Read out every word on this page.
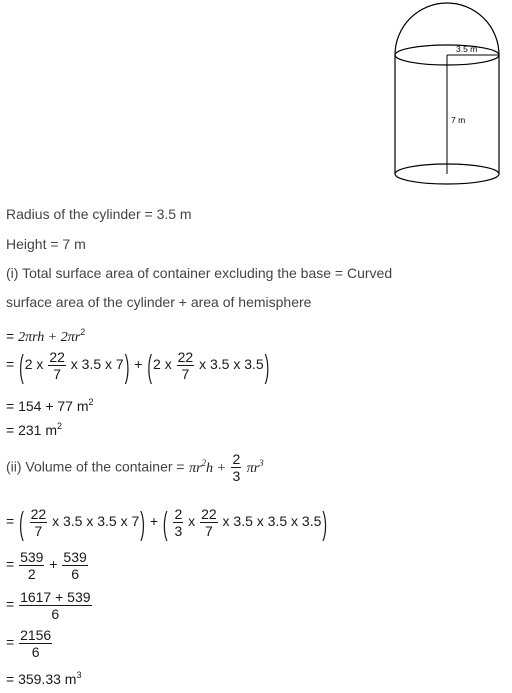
3.5 m
7 m
Radius of the cylinder = 3.5 m
Height = 7 m
(i) Total surface area of container excluding the base = Curved
surface area of the cylinder + area of hemisphere
= $2\pi rh + 2\pi r^2$
= (2 x $\frac{22}{7}$ x 3.5 x 7) + (2 x $\frac{22}{7}$ x 3.5 x 3.5)
= 154 + 77 $m^2$
= 231 $m^2$
(ii) Volume of the container = $\pi r^2h + \frac{2}{3} \pi r^3$
= ( $\frac{22}{7}$ x 3.5 x 3.5 x 7) + ( $\frac{2}{3}$ x $\frac{22}{7}$ x 3.5 x 3.5 x 3.5)
= $\frac{539}{2} + \frac{539}{6}$
= $\frac{1617 + 539}{6}$
= $\frac{2156}{6}$
= 359.33 $m^3$
